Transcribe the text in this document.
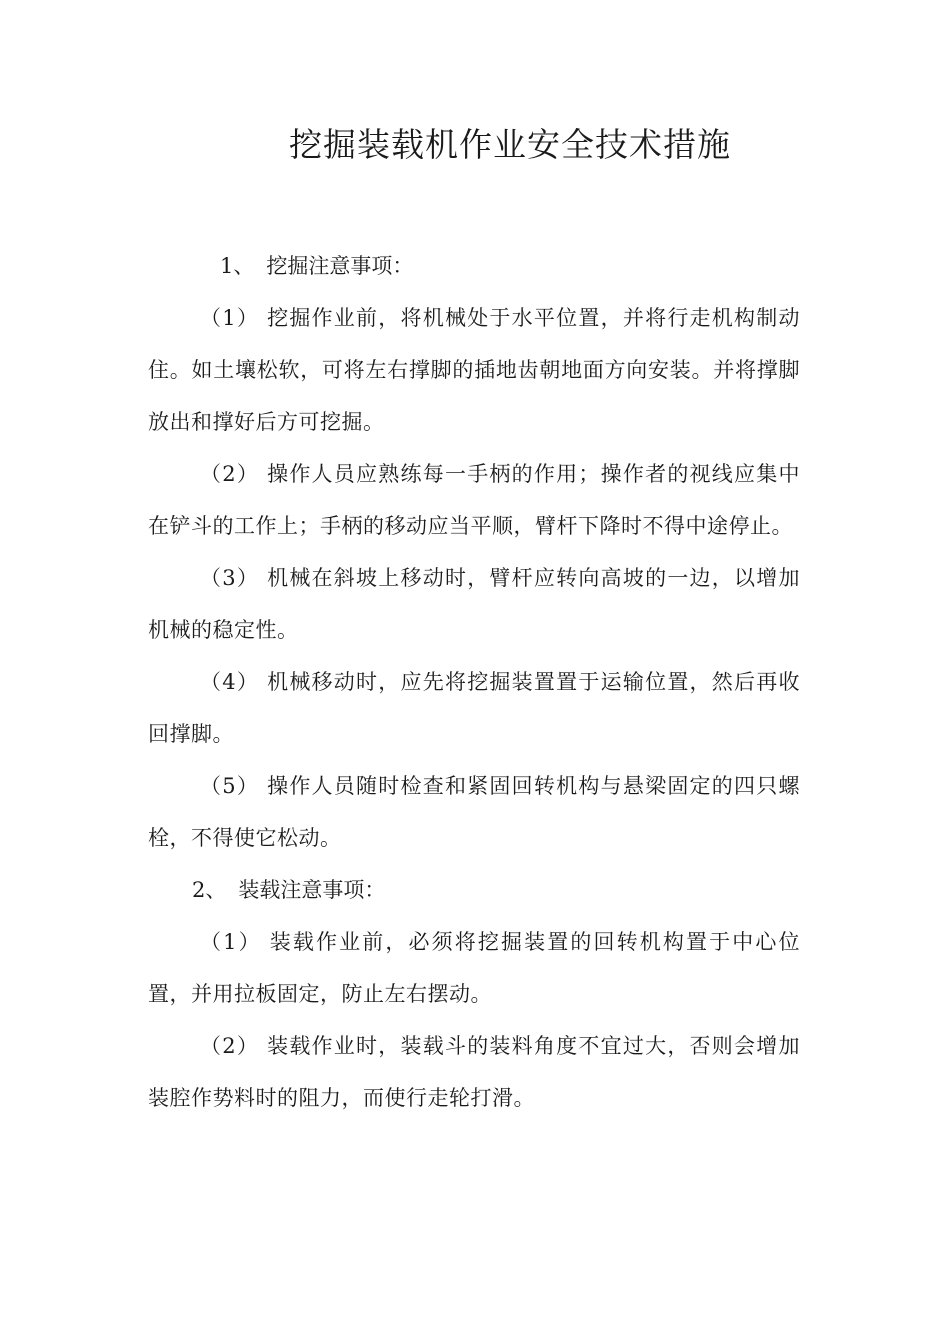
挖掘装载机作业安全技术措施

1、 挖掘注意事项：

（1） 挖掘作业前，将机械处于水平位置，并将行走机构制动住。如土壤松软，可将左右撑脚的插地齿朝地面方向安装。并将撑脚放出和撑好后方可挖掘。

（2） 操作人员应熟练每一手柄的作用；操作者的视线应集中在铲斗的工作上；手柄的移动应当平顺，臂杆下降时不得中途停止。

（3） 机械在斜坡上移动时，臂杆应转向高坡的一边，以增加机械的稳定性。

（4） 机械移动时，应先将挖掘装置置于运输位置，然后再收回撑脚。

（5） 操作人员随时检查和紧固回转机构与悬梁固定的四只螺栓，不得使它松动。

2、 装载注意事项：

（1） 装载作业前，必须将挖掘装置的回转机构置于中心位置，并用拉板固定，防止左右摆动。

（2） 装载作业时，装载斗的装料角度不宜过大，否则会增加装腔作势料时的阻力，而使行走轮打滑。
